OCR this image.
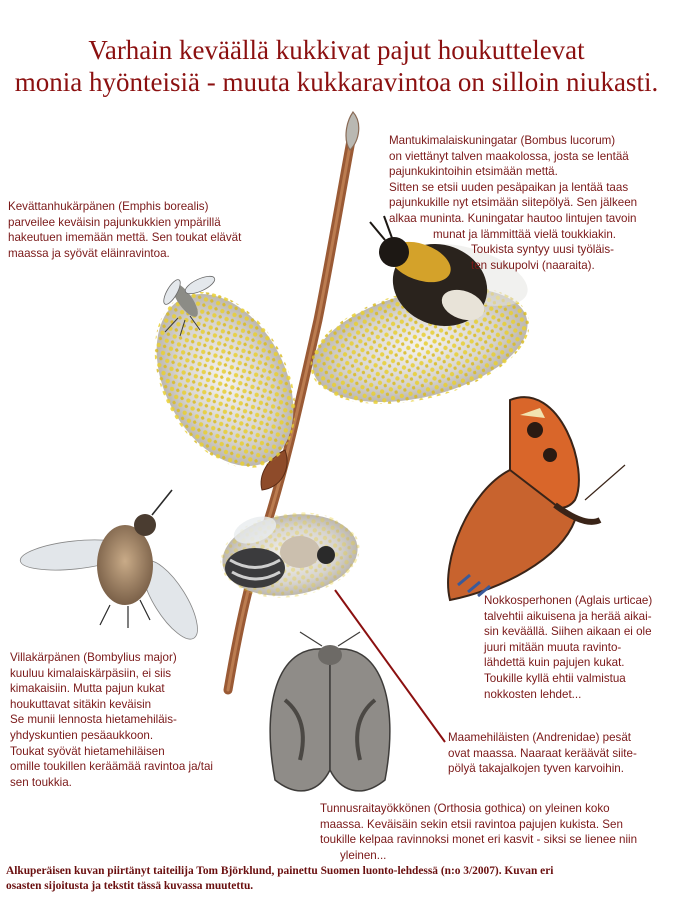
Varhain keväällä kukkivat pajut houkuttelevat
monia hyönteisiä - muuta kukkaravintoa on silloin niukasti.

Mantukimalaiskuningatar (Bombus lucorum)

on viettänyt talven maakolossa, josta se lentää

pajunkukintoihin etsimään mettä.

Sitten se etsii uuden pesäpaikan ja lentää taas

pajunkukille nyt etsimään siitepölyä. Sen jälkeen

alkaa muninta. Kuningatar hautoo lintujen tavoin

munat ja lämmittää vielä toukkiakin.

Toukista syntyy uusi työläis-

ten sukupolvi (naaraita).

Kevättanhukärpänen (Emphis borealis)

parveilee keväisin pajunkukkien ympärillä

hakeutuen imemään mettä. Sen toukat elävät

maassa ja syövät eläinravintoa.

Nokkosperhonen (Aglais urticae)

talvehtii aikuisena ja herää aikai-

sin keväällä. Siihen aikaan ei ole

juuri mitään muuta ravinto-

lähdettä kuin pajujen kukat.

Toukille kyllä ehtii valmistua

nokkosten lehdet...

Villakärpänen (Bombylius major)

kuuluu kimalaiskärpäsiin, ei siis

kimakaisiin. Mutta pajun kukat

houkuttavat sitäkin keväisin

Se munii lennosta hietamehiläis-

yhdyskuntien pesäaukkoon.

Toukat syövät hietamehiläisen

omille toukillen keräämää ravintoa ja/tai

sen toukkia.

Maamehiläisten (Andrenidae) pesät

ovat maassa. Naaraat keräävät siite-

pölyä takajalkojen tyven karvoihin.

Tunnusraitayökkönen (Orthosia gothica) on yleinen koko

maassa. Keväisäin sekin etsii ravintoa pajujen kukista. Sen

toukille kelpaa ravinnoksi monet eri kasvit - siksi se lienee niin

yleinen...

Alkuperäisen kuvan piirtänyt taiteilija Tom Björklund, painettu Suomen luonto-lehdessä (n:o 3/2007). Kuvan eri
osasten sijoitusta ja tekstit tässä kuvassa muutettu.
